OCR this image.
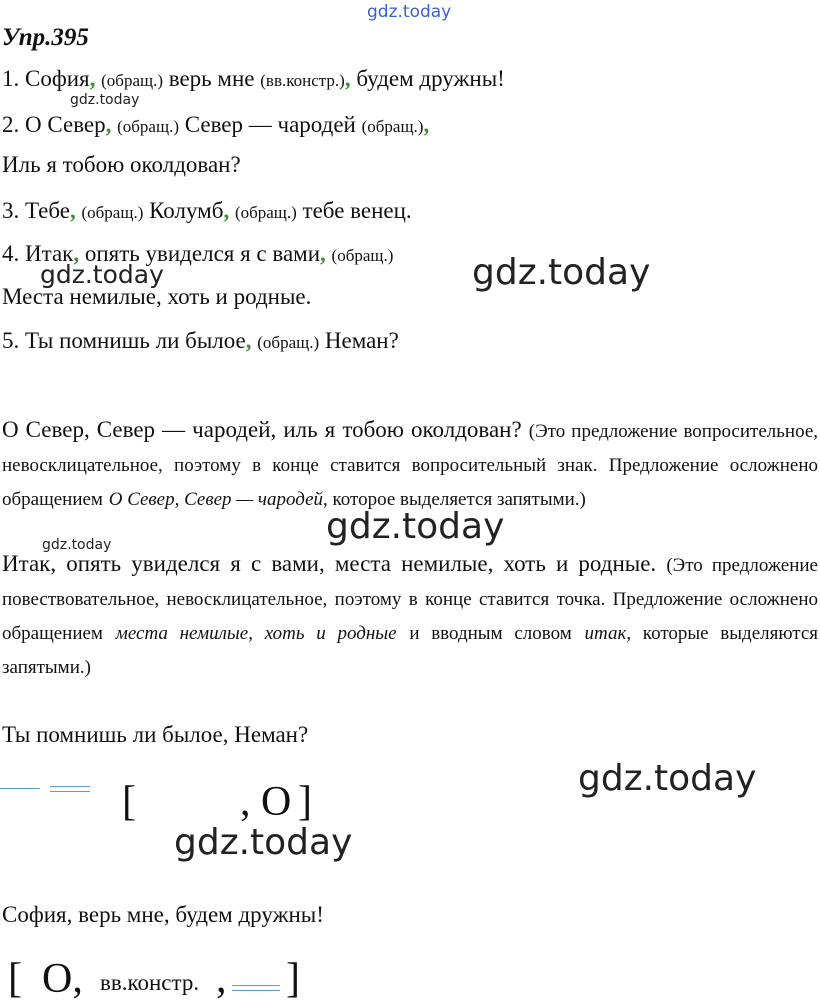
gdz.today
gdz.today
gdz.today	gdz.today
gdz.today
gdz.today
gdz.today
gdz.today
Упр.395
1. София, (обращ.) верь мне (вв.констр.), будем дружны!
2. О Север, (обращ.) Север — чародей (обращ.),
Иль я тобою околдован?
3. Тебе, (обращ.) Колумб, (обращ.) тебе венец.
4. Итак, опять увиделся я с вами, (обращ.)
Места немилые, хоть и родные.
5. Ты помнишь ли былое, (обращ.) Неман?
О Север, Север — чародей, иль я тобою околдован? (Это предложение вопросительное, невосклицательное, поэтому в конце ставится вопросительный знак. Предложение осложнено обращением О Север, Север — чародей, которое выделяется запятыми.)
Итак, опять увиделся я с вами, места немилые, хоть и родные. (Это предложение повествовательное, невосклицательное, поэтому в конце ставится точка. Предложение осложнено обращением места немилые, хоть и родные и вводным словом итак, которые выделяются запятыми.)
Ты помнишь ли былое, Неман?
[ , О ]
София, верь мне, будем дружны!
[ О, вв.констр. , ]
